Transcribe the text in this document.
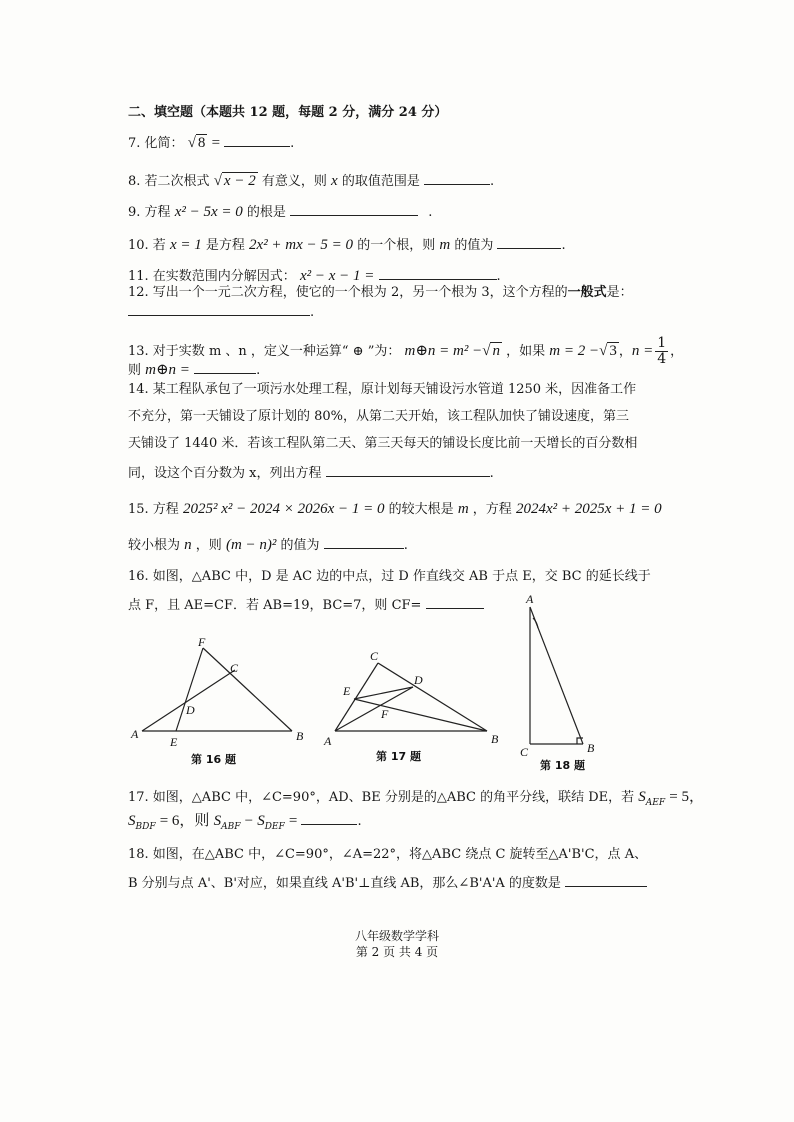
二、填空题（本题共 12 题，每题 2 分，满分 24 分）
7. 化简： √ 8 =	.
8. 若二次根式 √ x − 2 有意义，则 x 的取值范围是	.
9. 方程 x² − 5x = 0 的根是	.
10. 若 x = 1 是方程 2x² + mx − 5 = 0 的一个根，则 m 的值为	.
11. 在实数范围内分解因式： x² − x − 1 =	.
12. 写出一个一元二次方程，使它的一个根为 2，另一个根为 3，这个方程的一般式是：
.
13. 对于实数 m 、n ，定义一种运算“ ⊕ ”为： m⊕n = m² −√ n ，如果 m = 2 −√ 3 ，$n = \frac{1}{4}$ ，
则 m⊕n =	.
14. 某工程队承包了一项污水处理工程，原计划每天铺设污水管道 1250 米，因准备工作
不充分，第一天铺设了原计划的 80%，从第二天开始，该工程队加快了铺设速度，第三
天铺设了 1440 米．若该工程队第二天、第三天每天的铺设长度比前一天增长的百分数相
同，设这个百分数为 x，列出方程	.
15. 方程 2025² x² − 2024 × 2026x − 1 = 0 的较大根是 m ，方程 2024x² + 2025x + 1 = 0
较小根为 n ，则 (m − n)² 的值为	.
16. 如图，△ABC 中，D 是 AC 边的中点，过 D 作直线交 AB 于点 E，交 BC 的延长线于
点 F，且 AE=CF．若 AB=19，BC=7，则 CF=
A	B
C
D
E
F
第 16 题
A	B
C
D
E
F
第 17 题
A
C	B
第 18 题
17. 如图，△ABC 中，∠C=90°，AD、BE 分别是的△ABC 的角平分线，联结 DE，若 $S_{AEF} = 5$，
$S_{BDF} = 6$，则 $S_{ABF} - S_{DEF}$ =	.
18. 如图，在△ABC 中，∠C=90°，∠A=22°，将△ABC 绕点 C 旋转至△A'B'C，点 A、
B 分别与点 A'、B'对应，如果直线 A'B'⊥直线 AB，那么∠B'A'A 的度数是
八年级数学学科
第 2 页 共 4 页
